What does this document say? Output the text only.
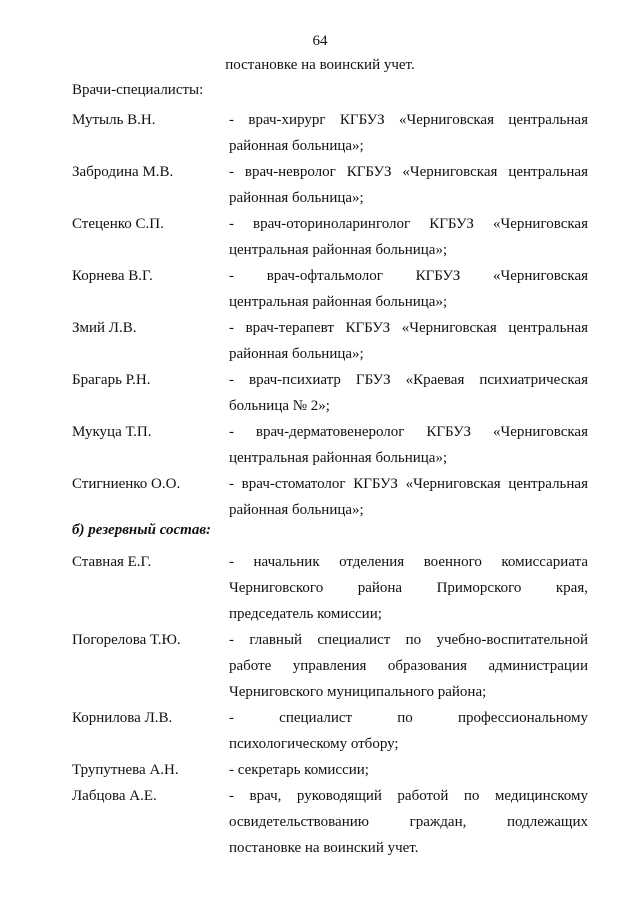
64
постановке на воинский учет.
Врачи-специалисты:
Мутыль В.Н.	- врач-хирург КГБУЗ «Черниговская центральная
районная больница»;
Забродина М.В.	- врач-невролог КГБУЗ «Черниговская центральная
районная больница»;
Стеценко С.П.	- врач-оториноларинголог КГБУЗ «Черниговская
центральная районная больница»;
Корнева В.Г.	- врач-офтальмолог КГБУЗ «Черниговская
центральная районная больница»;
Змий Л.В.	- врач-терапевт КГБУЗ «Черниговская центральная
районная больница»;
Брагарь Р.Н.	- врач-психиатр ГБУЗ «Краевая психиатрическая
больница № 2»;
Мукуца Т.П.	- врач-дерматовенеролог КГБУЗ «Черниговская
центральная районная больница»;
Стигниенко О.О.	- врач-стоматолог КГБУЗ «Черниговская центральная
районная больница»;
б) резервный состав:
Ставная Е.Г.	- начальник отделения военного комиссариата
Черниговского района Приморского края,
председатель комиссии;
Погорелова Т.Ю.	- главный специалист по учебно-воспитательной
работе управления образования администрации
Черниговского муниципального района;
Корнилова Л.В.	- специалист по профессиональному
психологическому отбору;
Трупутнева А.Н.	- секретарь комиссии;
Лабцова А.Е.	- врач, руководящий работой по медицинскому
освидетельствованию граждан, подлежащих
постановке на воинский учет.
